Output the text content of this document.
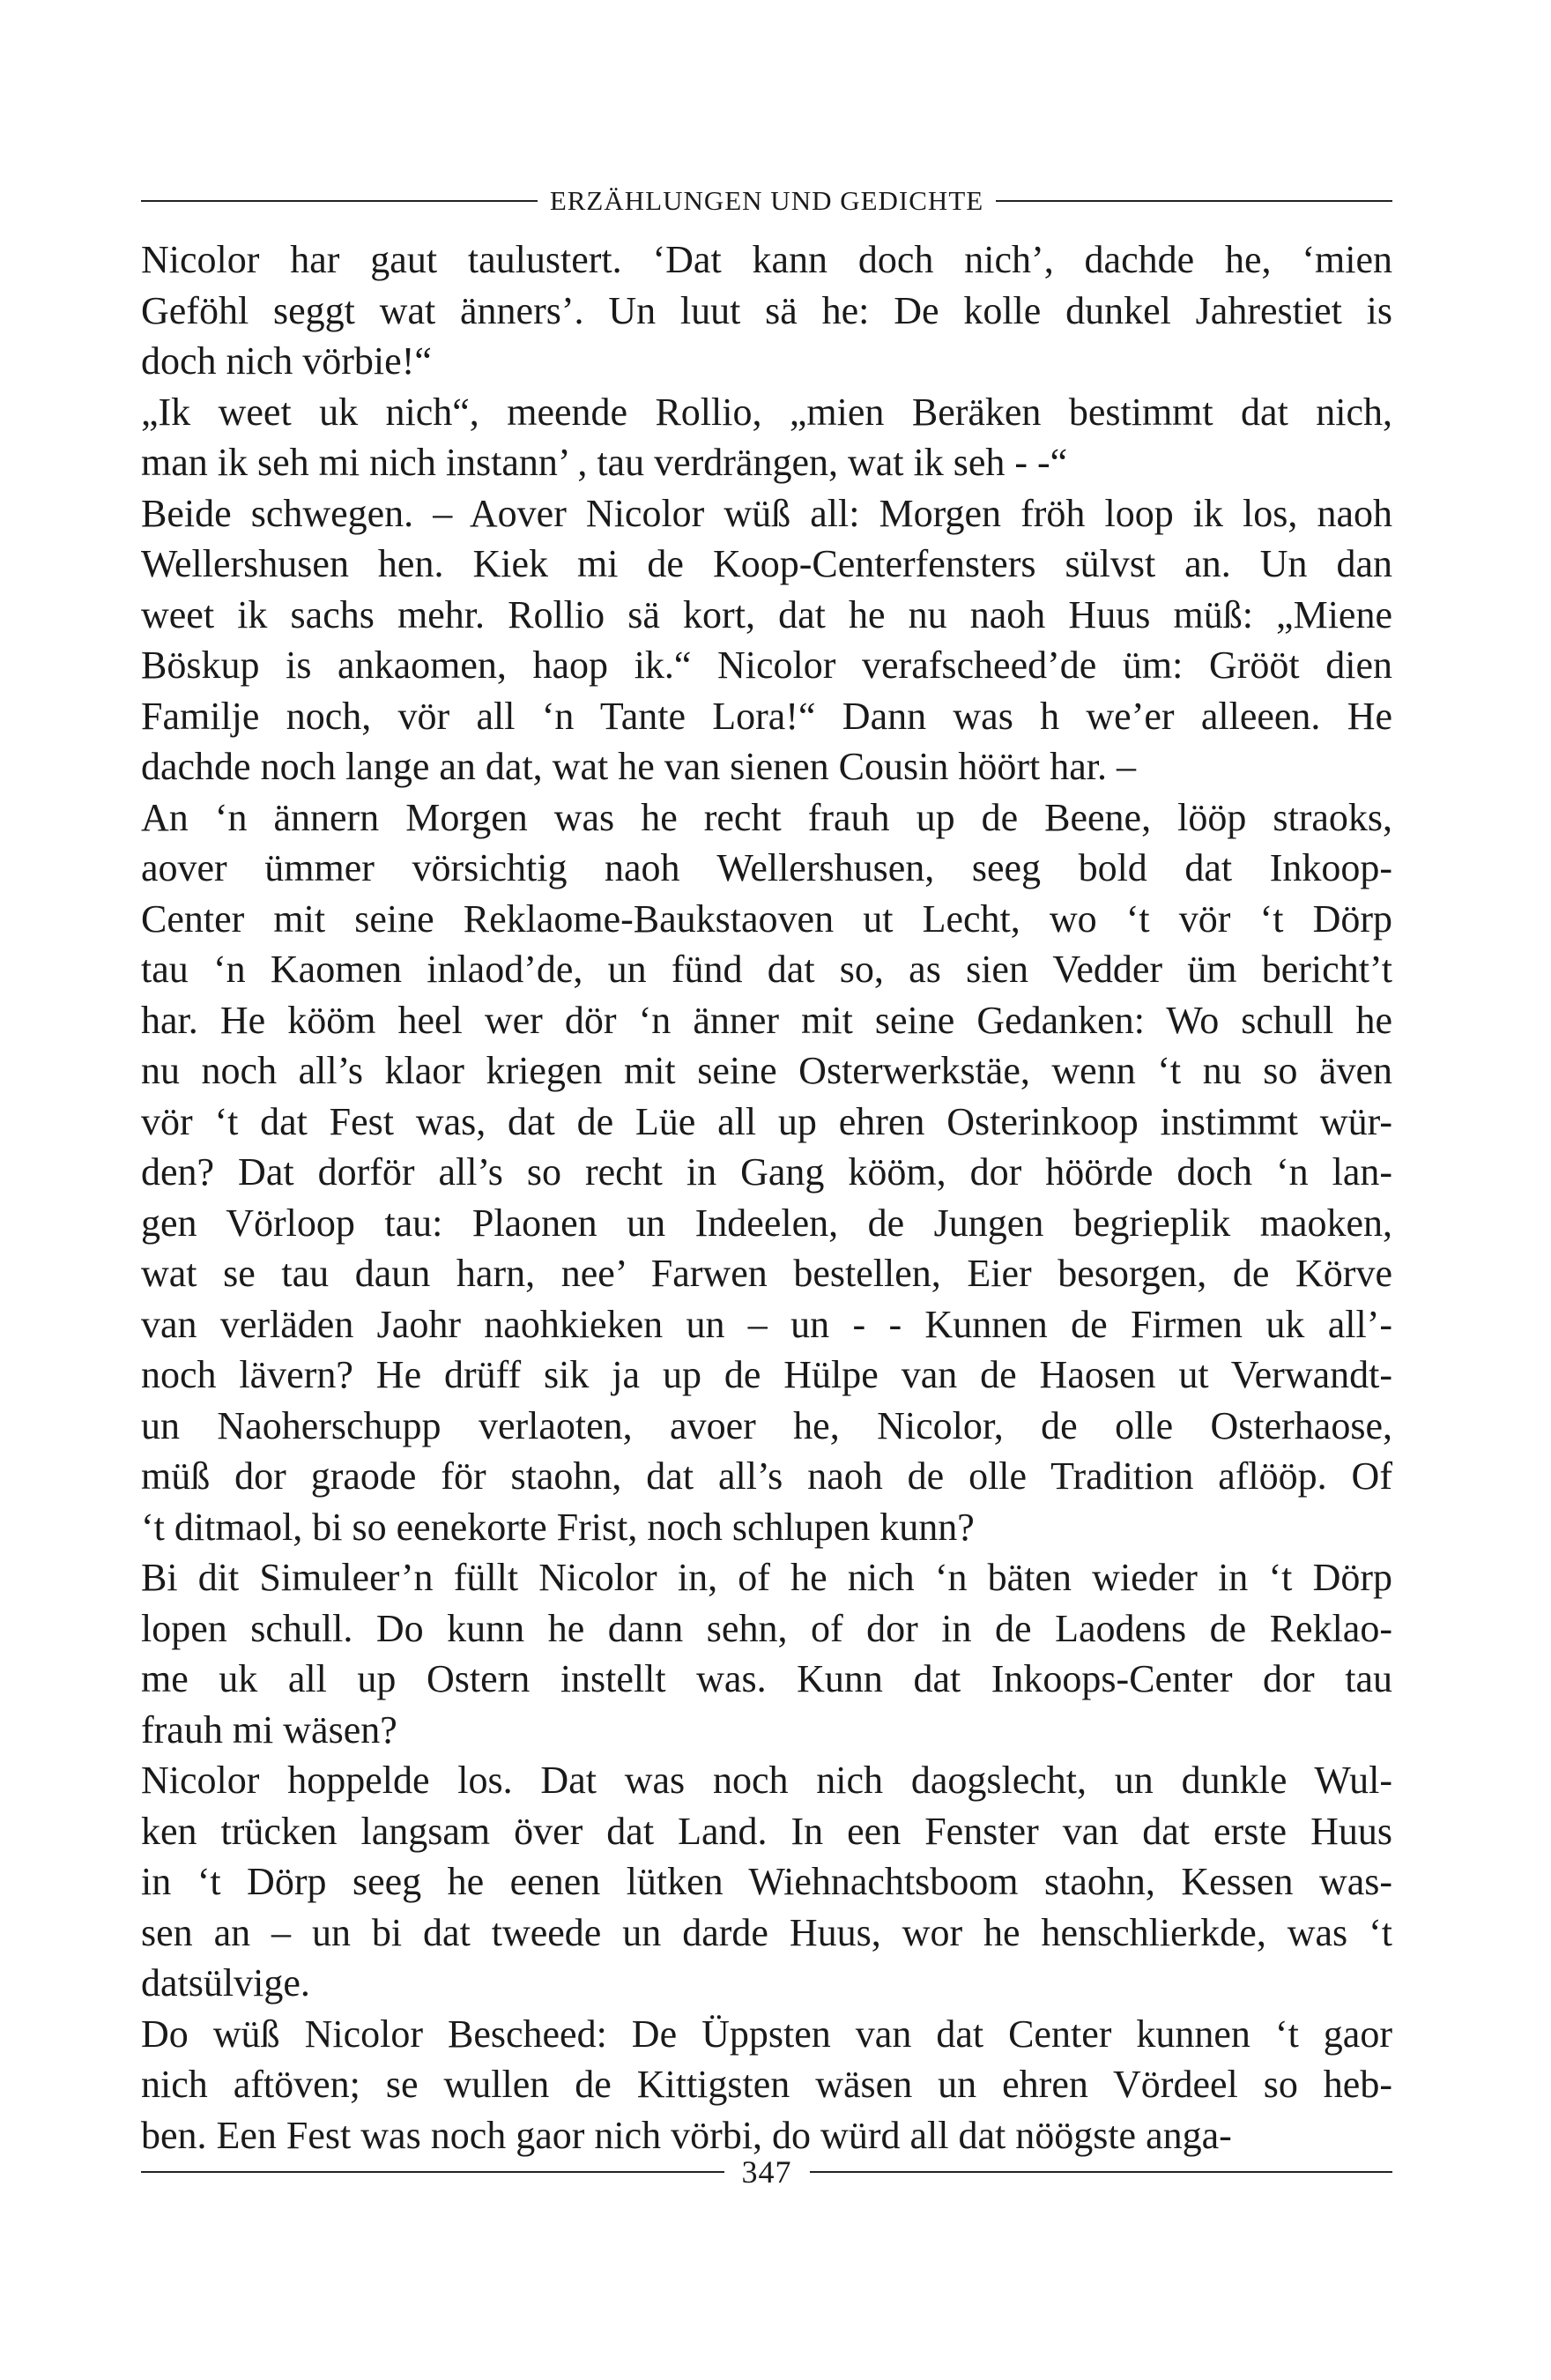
ERZÄHLUNGEN UND GEDICHTE
Nicolor har gaut taulustert. ‘Dat kann doch nich’, dachde he, ‘mien
Geföhl seggt wat änners’. Un luut sä he: De kolle dunkel Jahrestiet is
doch nich vörbie!“
„Ik weet uk nich“, meende Rollio, „mien Beräken bestimmt dat nich,
man ik seh mi nich instann’ , tau verdrängen, wat ik seh - -“
Beide schwegen. – Aover Nicolor wüß all: Morgen fröh loop ik los, naoh
Wellershusen hen. Kiek mi de Koop-Centerfensters sülvst an. Un dan
weet ik sachs mehr. Rollio sä kort, dat he nu naoh Huus müß: „Miene
Böskup is ankaomen, haop ik.“ Nicolor verafscheed’de üm: Grööt dien
Familje noch, vör all ‘n Tante Lora!“ Dann was h we’er alleeen. He
dachde noch lange an dat, wat he van sienen Cousin höört har. –
An ‘n ännern Morgen was he recht frauh up de Beene, lööp straoks,
aover ümmer vörsichtig naoh Wellershusen, seeg bold dat Inkoop-
Center mit seine Reklaome-Baukstaoven ut Lecht, wo ‘t vör ‘t Dörp
tau ‘n Kaomen inlaod’de, un fünd dat so, as sien Vedder üm bericht’t
har. He kööm heel wer dör ‘n änner mit seine Gedanken: Wo schull he
nu noch all’s klaor kriegen mit seine Osterwerkstäe, wenn ‘t nu so även
vör ‘t dat Fest was, dat de Lüe all up ehren Osterinkoop instimmt wür-
den? Dat dorför all’s so recht in Gang kööm, dor höörde doch ‘n lan-
gen Vörloop tau: Plaonen un Indeelen, de Jungen begrieplik maoken,
wat se tau daun harn, nee’ Farwen bestellen, Eier besorgen, de Körve
van verläden Jaohr naohkieken un – un - - Kunnen de Firmen uk all’-
noch lävern? He drüff sik ja up de Hülpe van de Haosen ut Verwandt-
un Naoherschupp verlaoten, avoer he, Nicolor, de olle Osterhaose,
müß dor graode för staohn, dat all’s naoh de olle Tradition aflööp. Of
‘t ditmaol, bi so eenekorte Frist, noch schlupen kunn?
Bi dit Simuleer’n füllt Nicolor in, of he nich ‘n bäten wieder in ‘t Dörp
lopen schull. Do kunn he dann sehn, of dor in de Laodens de Reklao-
me uk all up Ostern instellt was. Kunn dat Inkoops-Center dor tau
frauh mi wäsen?
Nicolor hoppelde los. Dat was noch nich daogslecht, un dunkle Wul-
ken trücken langsam över dat Land. In een Fenster van dat erste Huus
in ‘t Dörp seeg he eenen lütken Wiehnachtsboom staohn, Kessen was-
sen an – un bi dat tweede un darde Huus, wor he henschlierkde, was ‘t
datsülvige.
Do wüß Nicolor Bescheed: De Üppsten van dat Center kunnen ‘t gaor
nich aftöven; se wullen de Kittigsten wäsen un ehren Vördeel so heb-
ben. Een Fest was noch gaor nich vörbi, do würd all dat nöögste anga-
347
